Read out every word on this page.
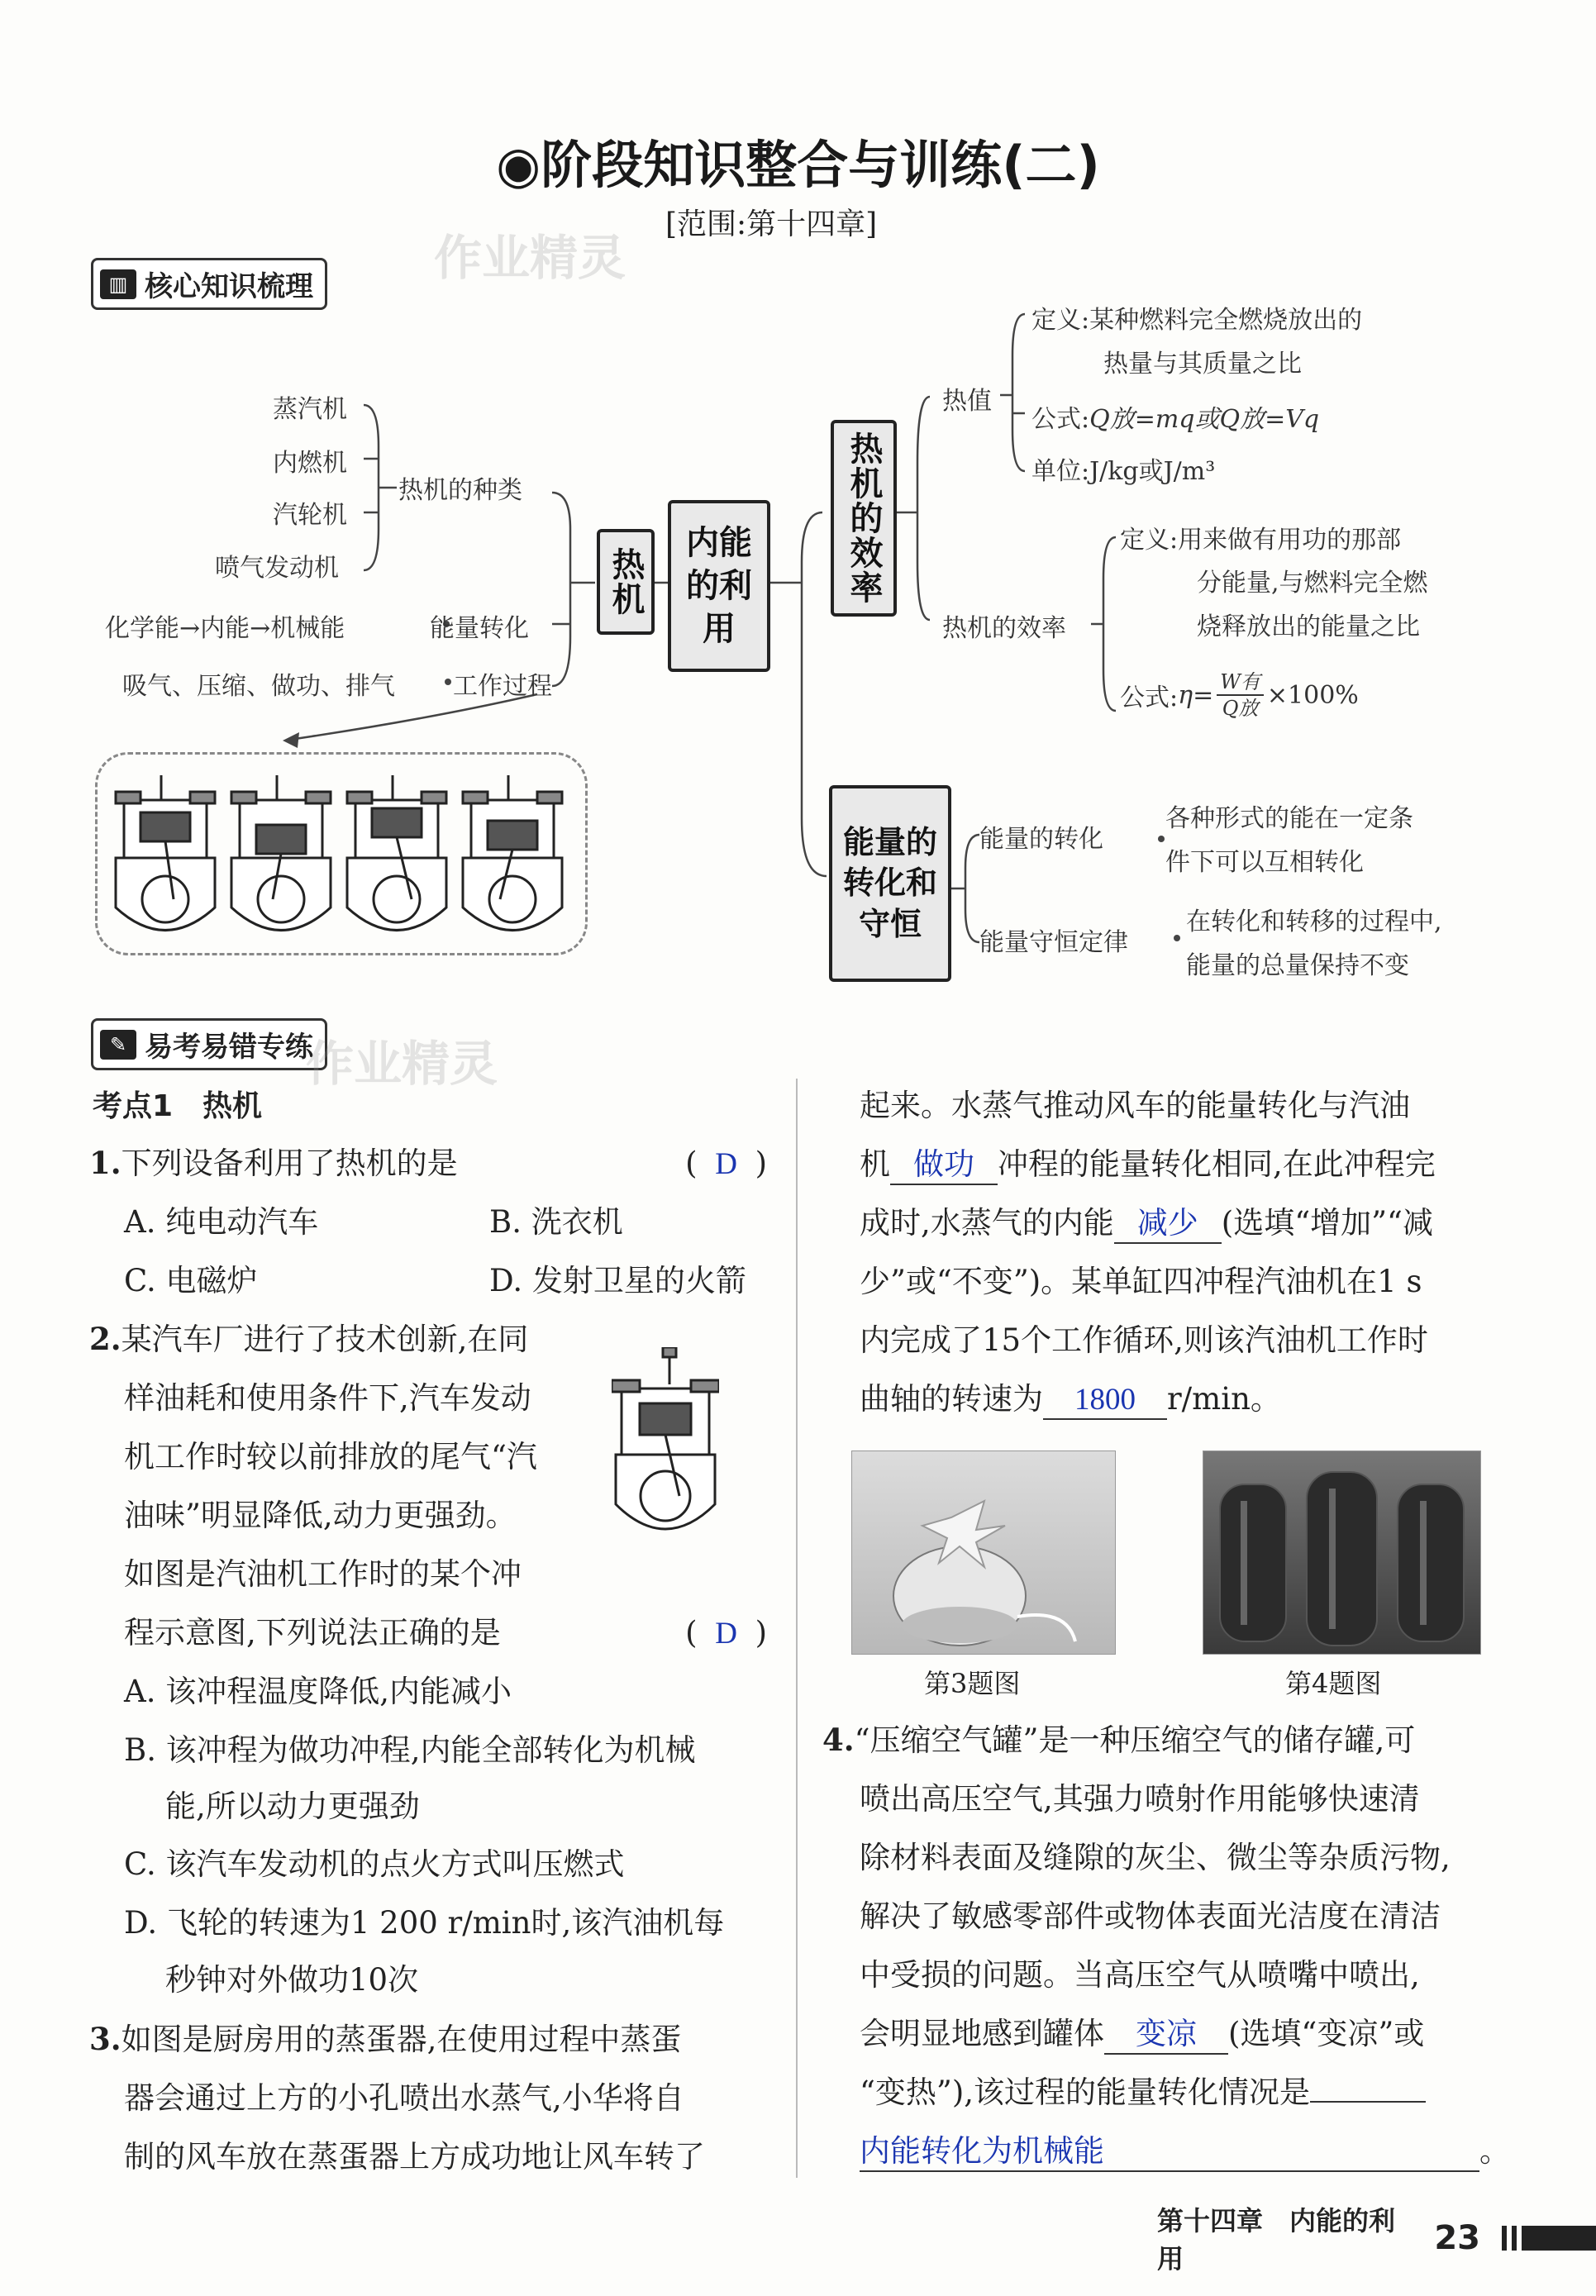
◉阶段知识整合与训练(二)
[范围:第十四章]
作业精灵
▥ 核心知识梳理
蒸汽机
内燃机
汽轮机
喷气发动机
热机的种类
化学能→内能→机械能	能量转化
吸气、压缩、做功、排气 工作过程
热机
内能的利用
热机的效率
热值
定义:某种燃料完全燃烧放出的
热量与其质量之比
公式:Q放=mq或Q放=Vq
单位:J/kg或J/m³
热机的效率
定义:用来做有用功的那部
分能量,与燃料完全燃
烧释放出的能量之比
公式: η= W有
Q放 ×100%
能量的转化和守恒
能量的转化
各种形式的能在一定条
件下可以互相转化
能量守恒定律
在转化和转移的过程中,
能量的总量保持不变
✎ 易考易错专练
作业精灵
考点1　热机
1.下列设备利用了热机的是	( D )
A. 纯电动汽车	B. 洗衣机
C. 电磁炉	D. 发射卫星的火箭
2.某汽车厂进行了技术创新,在同
样油耗和使用条件下,汽车发动
机工作时较以前排放的尾气“汽
油味”明显降低,动力更强劲。
如图是汽油机工作时的某个冲
程示意图,下列说法正确的是	( D )
A. 该冲程温度降低,内能减小
B. 该冲程为做功冲程,内能全部转化为机械
能,所以动力更强劲
C. 该汽车发动机的点火方式叫压燃式
D. 飞轮的转速为1 200 r/min时,该汽油机每
秒钟对外做功10次
3.如图是厨房用的蒸蛋器,在使用过程中蒸蛋
器会通过上方的小孔喷出水蒸气,小华将自
制的风车放在蒸蛋器上方成功地让风车转了
起来。水蒸气推动风车的能量转化与汽油
机 做功 冲程的能量转化相同,在此冲程完
成时,水蒸气的内能 减少 (选填“增加”“减
少”或“不变”)。某单缸四冲程汽油机在1 s
内完成了15个工作循环,则该汽油机工作时
曲轴的转速为 1800 r/min。
第3题图	第4题图
4.“压缩空气罐”是一种压缩空气的储存罐,可
喷出高压空气,其强力喷射作用能够快速清
除材料表面及缝隙的灰尘、微尘等杂质污物,
解决了敏感零部件或物体表面光洁度在清洁
中受损的问题。当高压空气从喷嘴中喷出,
会明显地感到罐体 变凉 (选填“变凉”或
“变热”),该过程的能量转化情况是
内能转化为机械能	。
第十四章　内能的利用
23
